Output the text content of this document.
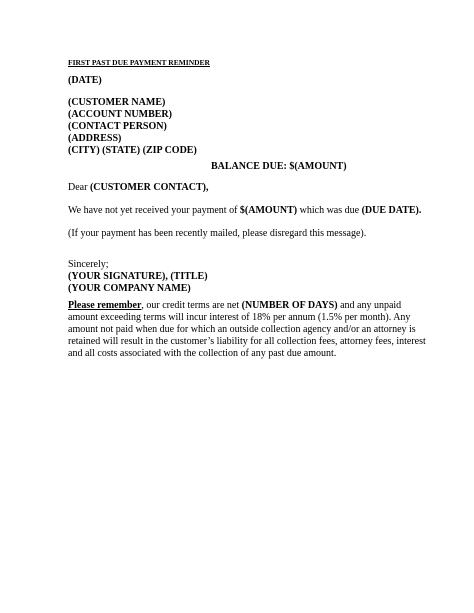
FIRST PAST DUE PAYMENT REMINDER
(DATE)
(CUSTOMER NAME)
(ACCOUNT NUMBER)
(CONTACT PERSON)
(ADDRESS)
(CITY) (STATE) (ZIP CODE)
BALANCE DUE: $(AMOUNT)
Dear (CUSTOMER CONTACT),
We have not yet received your payment of $(AMOUNT) which was due (DUE DATE).
(If your payment has been recently mailed, please disregard this message).
Sincerely;
(YOUR SIGNATURE), (TITLE)
(YOUR COMPANY NAME)
Please remember, our credit terms are net (NUMBER OF DAYS) and any unpaid
amount exceeding terms will incur interest of 18% per annum (1.5% per month). Any
amount not paid when due for which an outside collection agency and/or an attorney is
retained will result in the customer’s liability for all collection fees, attorney fees, interest
and all costs associated with the collection of any past due amount.
